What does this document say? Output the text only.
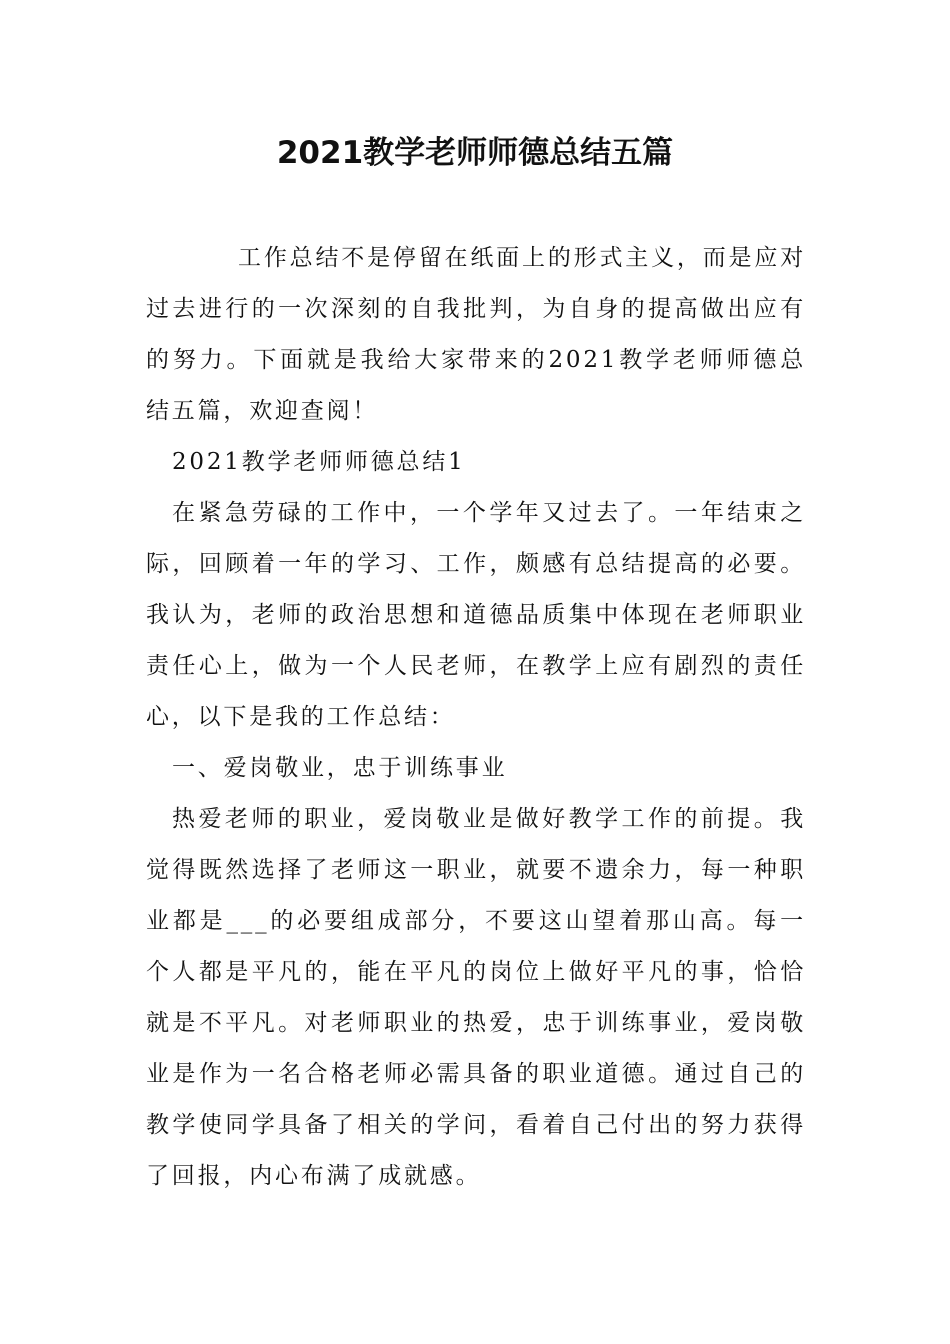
2021教学老师师德总结五篇

工作总结不是停留在纸面上的形式主义，而是应对过去进行的一次深刻的自我批判，为自身的提高做出应有的努力。下面就是我给大家带来的2021教学老师师德总结五篇，欢迎查阅！

2021教学老师师德总结1

在紧急劳碌的工作中，一个学年又过去了。一年结束之际，回顾着一年的学习、工作，颇感有总结提高的必要。我认为，老师的政治思想和道德品质集中体现在老师职业责任心上，做为一个人民老师，在教学上应有剧烈的责任心，以下是我的工作总结：

一、爱岗敬业，忠于训练事业

热爱老师的职业，爱岗敬业是做好教学工作的前提。我觉得既然选择了老师这一职业，就要不遗余力，每一种职业都是___的必要组成部分，不要这山望着那山高。每一个人都是平凡的，能在平凡的岗位上做好平凡的事，恰恰就是不平凡。对老师职业的热爱，忠于训练事业，爱岗敬业是作为一名合格老师必需具备的职业道德。通过自己的教学使同学具备了相关的学问，看着自己付出的努力获得了回报，内心布满了成就感。
